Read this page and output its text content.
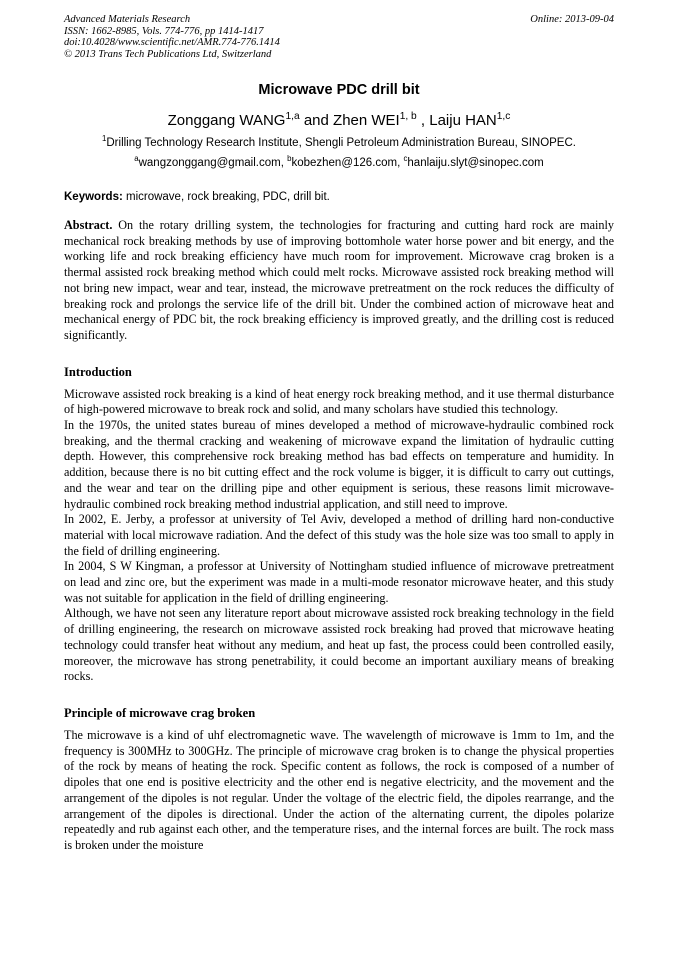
Advanced Materials Research
ISSN: 1662-8985, Vols. 774-776, pp 1414-1417
doi:10.4028/www.scientific.net/AMR.774-776.1414
© 2013 Trans Tech Publications Ltd, Switzerland
Online: 2013-09-04
Microwave PDC drill bit
Zonggang WANG$^{1,a}$ and Zhen WEI$^{1, b}$ , Laiju HAN$^{1,c}$
$^1$Drilling Technology Research Institute, Shengli Petroleum Administration Bureau, SINOPEC.
$^a$wangzonggang@gmail.com, $^b$kobezhen@126.com, $^c$hanlaiju.slyt@sinopec.com
Keywords: microwave, rock breaking, PDC, drill bit.
Abstract. On the rotary drilling system, the technologies for fracturing and cutting hard rock are mainly mechanical rock breaking methods by use of improving bottomhole water horse power and bit energy, and the working life and rock breaking efficiency have much room for improvement. Microwave crag broken is a thermal assisted rock breaking method which could melt rocks. Microwave assisted rock breaking method will not bring new impact, wear and tear, instead, the microwave pretreatment on the rock reduces the difficulty of breaking rock and prolongs the service life of the drill bit. Under the combined action of microwave heat and mechanical energy of PDC bit, the rock breaking efficiency is improved greatly, and the drilling cost is reduced significantly.
Introduction

Microwave assisted rock breaking is a kind of heat energy rock breaking method, and it use thermal disturbance of high-powered microwave to break rock and solid, and many scholars have studied this technology.

In the 1970s, the united states bureau of mines developed a method of microwave-hydraulic combined rock breaking, and the thermal cracking and weakening of microwave expand the limitation of hydraulic cutting depth. However, this comprehensive rock breaking method has bad effects on temperature and humidity. In addition, because there is no bit cutting effect and the rock volume is bigger, it is difficult to carry out cuttings, and the wear and tear on the drilling pipe and other equipment is serious, these reasons limit microwave-hydraulic combined rock breaking method industrial application, and still need to improve.

In 2002, E. Jerby, a professor at university of Tel Aviv, developed a method of drilling hard non-conductive material with local microwave radiation. And the defect of this study was the hole size was too small to apply in the field of drilling engineering.

In 2004, S W Kingman, a professor at University of Nottingham studied influence of microwave pretreatment on lead and zinc ore, but the experiment was made in a multi-mode resonator microwave heater, and this study was not suitable for application in the field of drilling engineering.

Although, we have not seen any literature report about microwave assisted rock breaking technology in the field of drilling engineering, the research on microwave assisted rock breaking had proved that microwave heating technology could transfer heat without any medium, and heat up fast, the process could been controlled easily, moreover, the microwave has strong penetrability, it could become an important auxiliary means of breaking rocks.

Principle of microwave crag broken

The microwave is a kind of uhf electromagnetic wave. The wavelength of microwave is 1mm to 1m, and the frequency is 300MHz to 300GHz. The principle of microwave crag broken is to change the physical properties of the rock by means of heating the rock. Specific content as follows, the rock is composed of a number of dipoles that one end is positive electricity and the other end is negative electricity, and the movement and the arrangement of the dipoles is not regular. Under the voltage of the electric field, the dipoles rearrange, and the arrangement of the dipoles is directional. Under the action of the alternating current, the dipoles polarize repeatedly and rub against each other, and the temperature rises, and the internal forces are built. The rock mass is broken under the moisture
